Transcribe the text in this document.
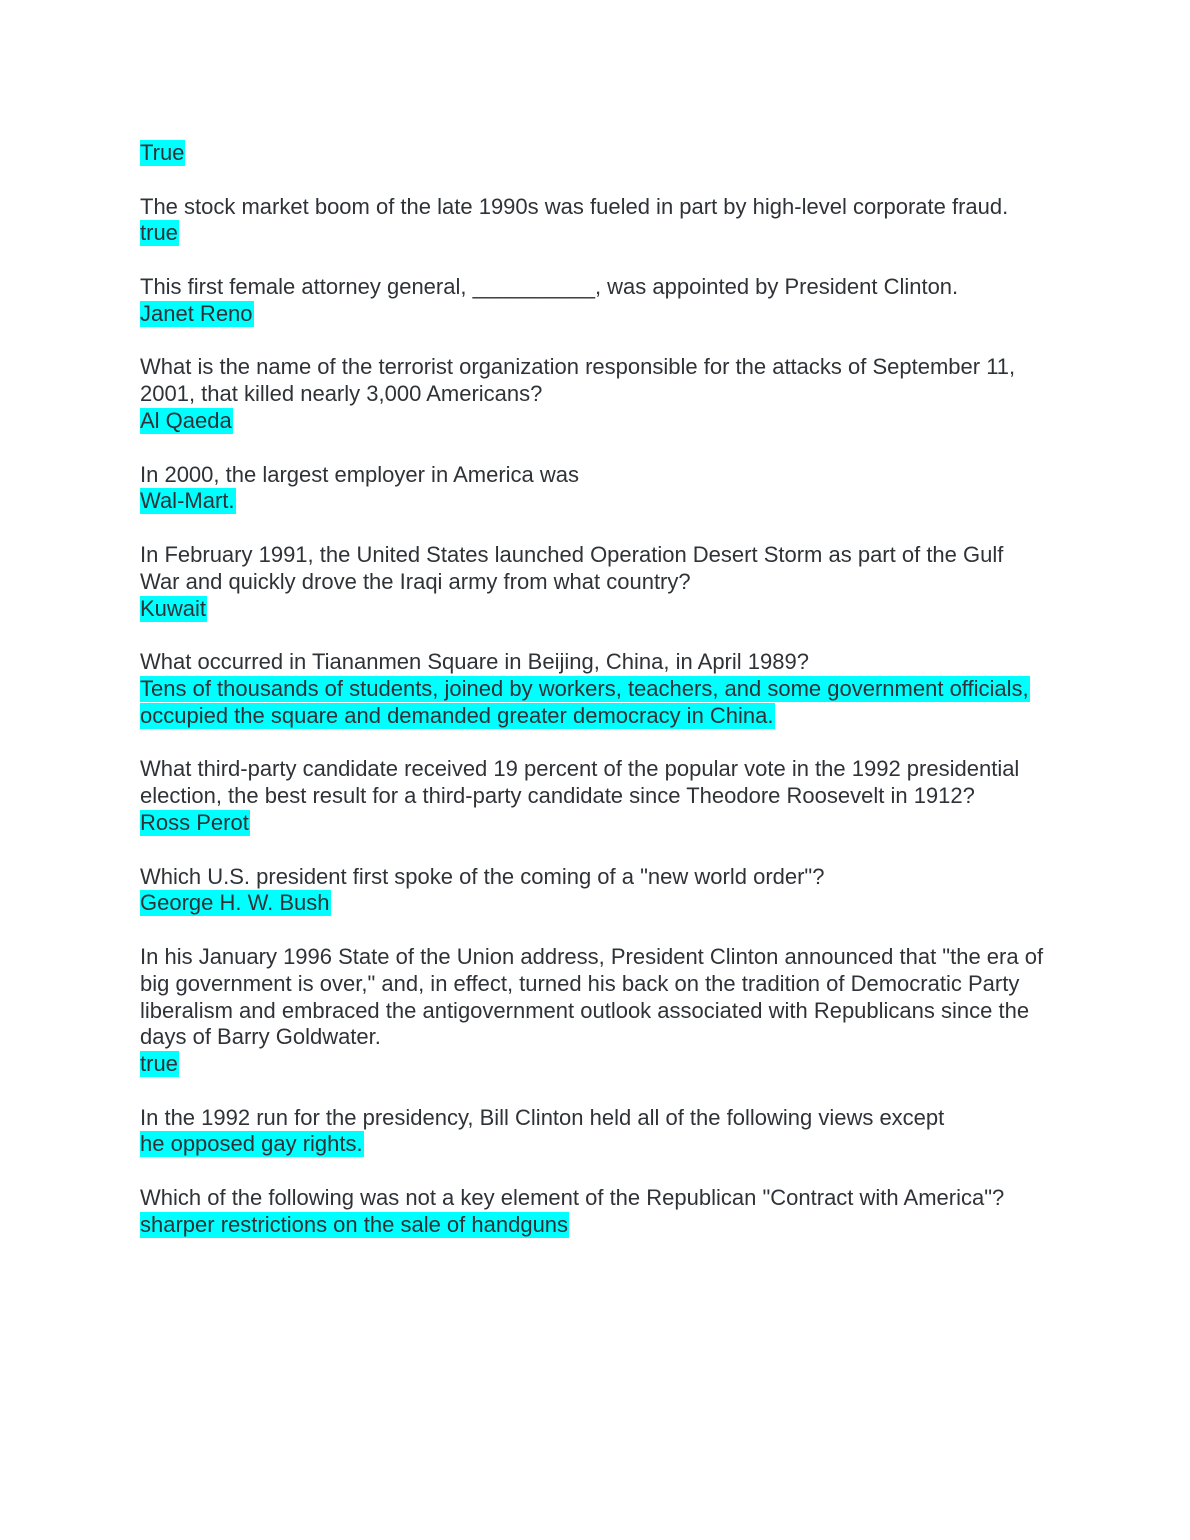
True
The stock market boom of the late 1990s was fueled in part by high-level corporate fraud.
true
This first female attorney general, __________, was appointed by President Clinton.
Janet Reno
What is the name of the terrorist organization responsible for the attacks of September 11, 2001, that killed nearly 3,000 Americans?
Al Qaeda
In 2000, the largest employer in America was
Wal-Mart.
In February 1991, the United States launched Operation Desert Storm as part of the Gulf War and quickly drove the Iraqi army from what country?
Kuwait
What occurred in Tiananmen Square in Beijing, China, in April 1989?
Tens of thousands of students, joined by workers, teachers, and some government officials, occupied the square and demanded greater democracy in China.
What third-party candidate received 19 percent of the popular vote in the 1992 presidential election, the best result for a third-party candidate since Theodore Roosevelt in 1912?
Ross Perot
Which U.S. president first spoke of the coming of a "new world order"?
George H. W. Bush
In his January 1996 State of the Union address, President Clinton announced that "the era of big government is over," and, in effect, turned his back on the tradition of Democratic Party liberalism and embraced the antigovernment outlook associated with Republicans since the days of Barry Goldwater.
true
In the 1992 run for the presidency, Bill Clinton held all of the following views except
he opposed gay rights.
Which of the following was not a key element of the Republican "Contract with America"?
sharper restrictions on the sale of handguns
